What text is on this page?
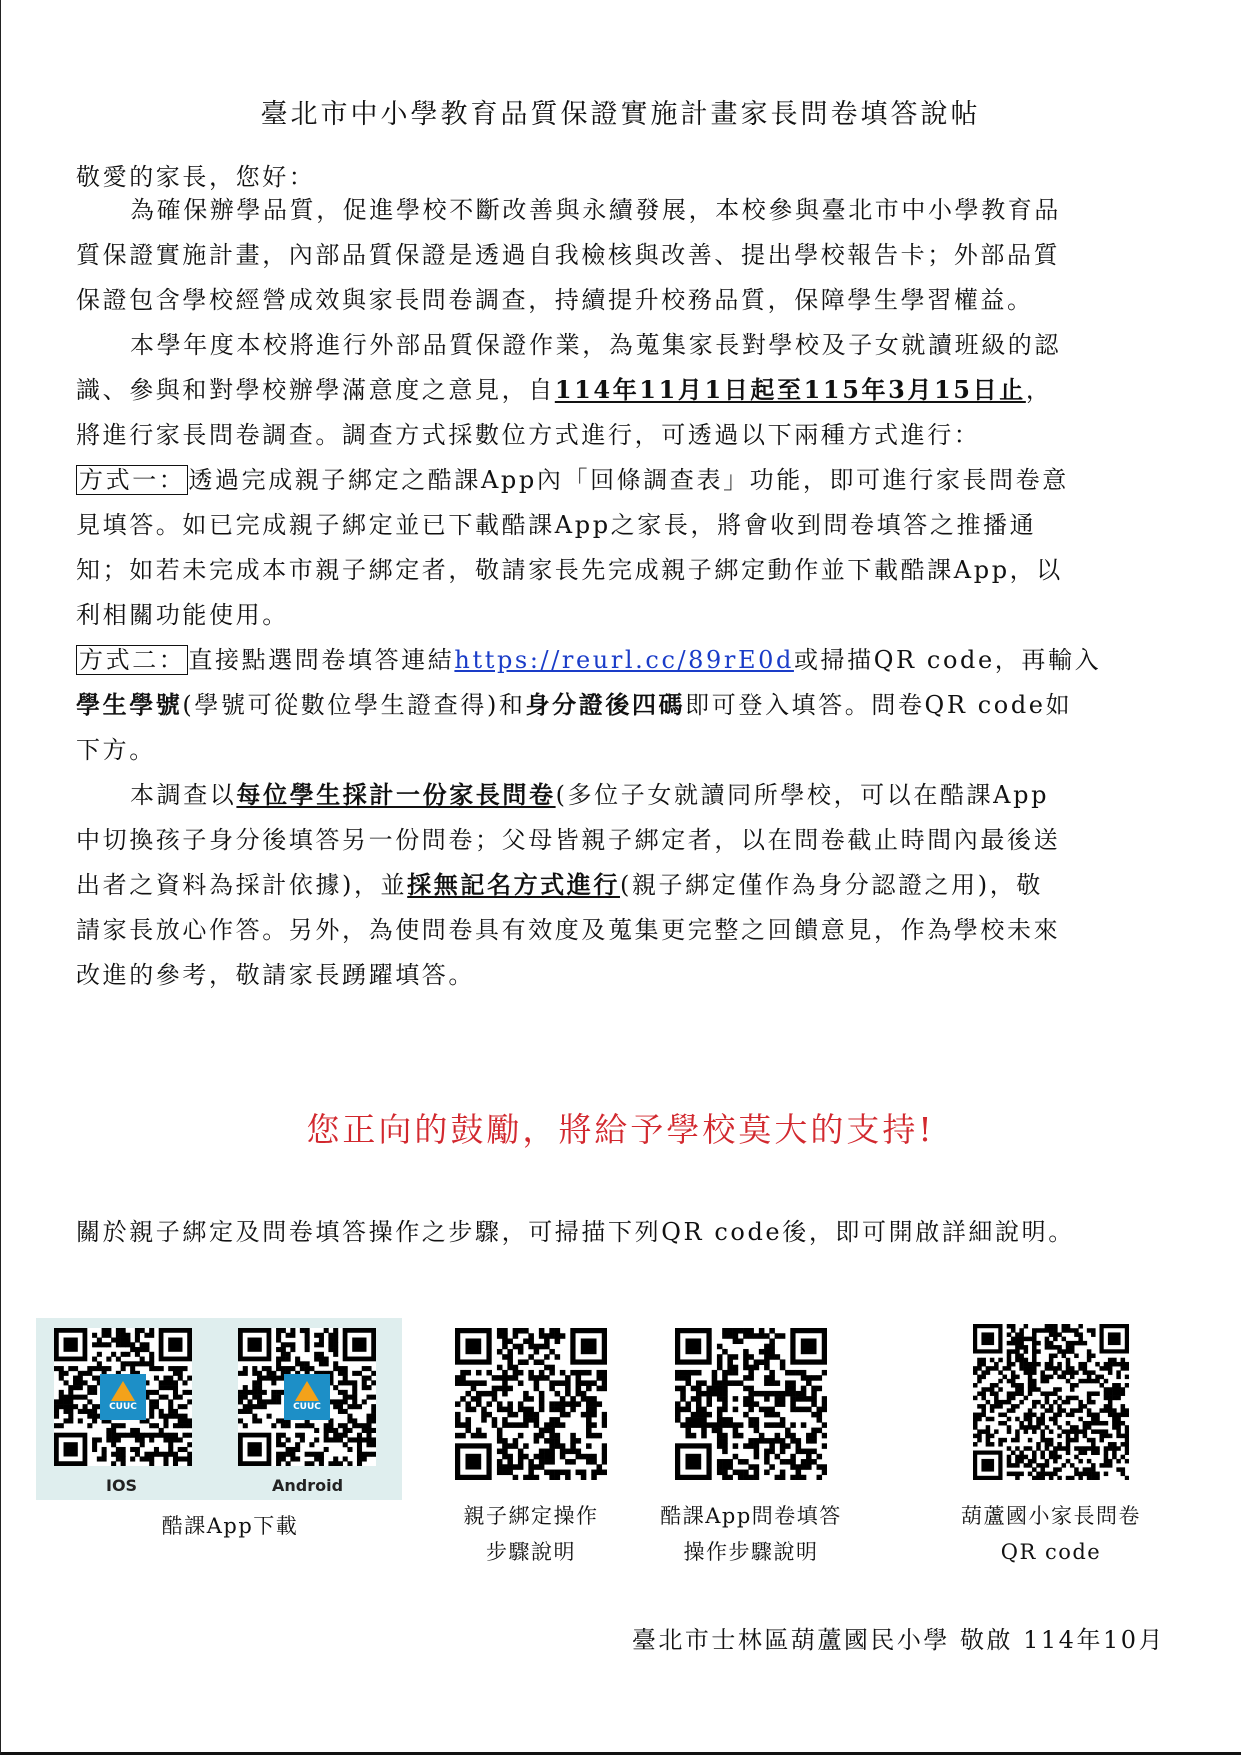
臺北市中小學教育品質保證實施計畫家長問卷填答說帖
敬愛的家長，您好：
為確保辦學品質，促進學校不斷改善與永續發展，本校參與臺北市中小學教育品
質保證實施計畫，內部品質保證是透過自我檢核與改善、提出學校報告卡；外部品質
保證包含學校經營成效與家長問卷調查，持續提升校務品質，保障學生學習權益。
本學年度本校將進行外部品質保證作業，為蒐集家長對學校及子女就讀班級的認
識、參與和對學校辦學滿意度之意見，自114年11月1日起至115年3月15日止，
將進行家長問卷調查。調查方式採數位方式進行，可透過以下兩種方式進行：
方式一： 透過完成親子綁定之酷課App內「回條調查表」功能，即可進行家長問卷意
見填答。如已完成親子綁定並已下載酷課App之家長，將會收到問卷填答之推播通
知；如若未完成本市親子綁定者，敬請家長先完成親子綁定動作並下載酷課App，以
利相關功能使用。
方式二： 直接點選問卷填答連結https://reurl.cc/89rE0d或掃描QR code，再輸入
學生學號(學號可從數位學生證查得)和身分證後四碼即可登入填答。問卷QR code如
下方。
本調查以每位學生採計一份家長問卷(多位子女就讀同所學校，可以在酷課App
中切換孩子身分後填答另一份問卷；父母皆親子綁定者，以在問卷截止時間內最後送
出者之資料為採計依據)，並採無記名方式進行(親子綁定僅作為身分認證之用)，敬
請家長放心作答。另外，為使問卷具有效度及蒐集更完整之回饋意見，作為學校未來
改進的參考，敬請家長踴躍填答。
您正向的鼓勵，將給予學校莫大的支持!
關於親子綁定及問卷填答操作之步驟，可掃描下列QR code後，即可開啟詳細說明。
CUUC
IOS
CUUC
Android
酷課App下載	親子綁定操作
步驟說明
酷課App問卷填答
操作步驟說明
葫蘆國小家長問卷
QR code
臺北市士林區葫蘆國民小學 敬啟 114年10月
